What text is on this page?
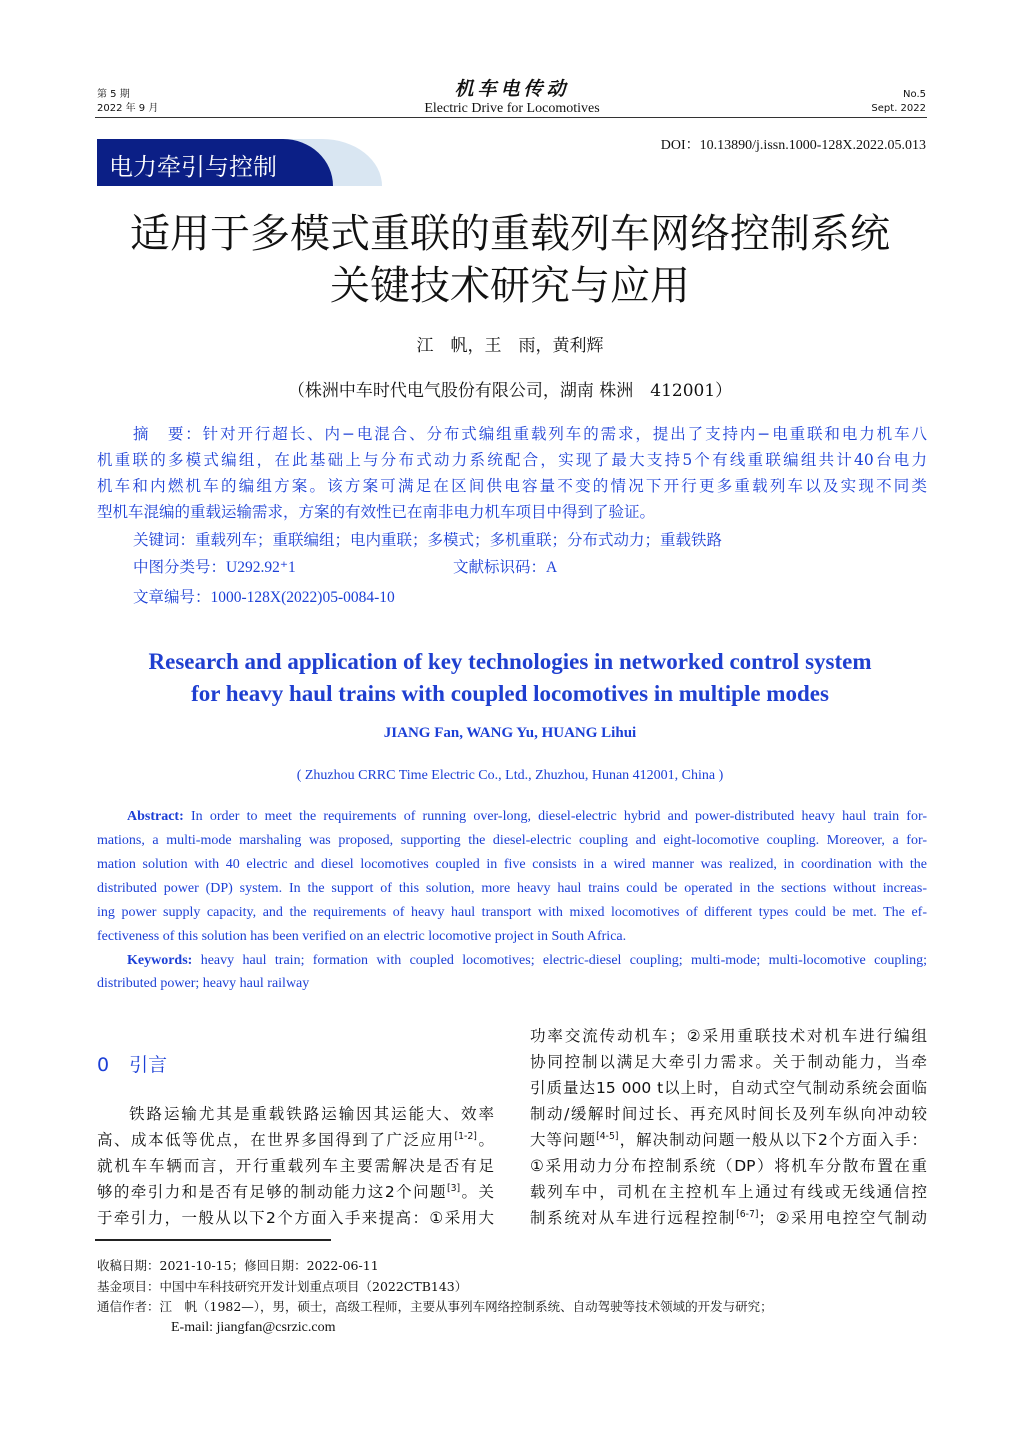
第 5 期
2022 年 9 月
机车电传动
Electric Drive for Locomotives
No.5
Sept. 2022
DOI：10.13890/j.issn.1000-128X.2022.05.013
电力牵引与控制
适用于多模式重联的重载列车网络控制系统
关键技术研究与应用
江　帆，王　雨，黄利辉
（株洲中车时代电气股份有限公司，湖南 株洲　412001）
摘　要：针对开行超长、内−电混合、分布式编组重载列车的需求，提出了支持内−电重联和电力机车八
机重联的多模式编组，在此基础上与分布式动力系统配合，实现了最大支持5个有线重联编组共计40台电力
机车和内燃机车的编组方案。该方案可满足在区间供电容量不变的情况下开行更多重载列车以及实现不同类
型机车混编的重载运输需求，方案的有效性已在南非电力机车项目中得到了验证。
关键词：重载列车；重联编组；电内重联；多模式；多机重联；分布式动力；重载铁路
中图分类号：U292.92⁺1	文献标识码：A
文章编号：1000-128X(2022)05-0084-10
Research and application of key technologies in networked control system
for heavy haul trains with coupled locomotives in multiple modes
JIANG Fan, WANG Yu, HUANG Lihui
( Zhuzhou CRRC Time Electric Co., Ltd., Zhuzhou, Hunan 412001, China )
Abstract: In order to meet the requirements of running over-long, diesel-electric hybrid and power-distributed heavy haul train for-
mations, a multi-mode marshaling was proposed, supporting the diesel-electric coupling and eight-locomotive coupling. Moreover, a for-
mation solution with 40 electric and diesel locomotives coupled in five consists in a wired manner was realized, in coordination with the
distributed power (DP) system. In the support of this solution, more heavy haul trains could be operated in the sections without increas-
ing power supply capacity, and the requirements of heavy haul transport with mixed locomotives of different types could be met. The ef-
fectiveness of this solution has been verified on an electric locomotive project in South Africa.
Keywords: heavy haul train; formation with coupled locomotives; electric-diesel coupling; multi-mode; multi-locomotive coupling;
distributed power; heavy haul railway
0 引言
铁路运输尤其是重载铁路运输因其运能大、效率
高、成本低等优点，在世界多国得到了广泛应用[1-2]。
就机车车辆而言，开行重载列车主要需解决是否有足
够的牵引力和是否有足够的制动能力这2个问题[3]。关
于牵引力，一般从以下2个方面入手来提高：①采用大
功率交流传动机车；②采用重联技术对机车进行编组
协同控制以满足大牵引力需求。关于制动能力，当牵
引质量达15 000 t以上时，自动式空气制动系统会面临
制动/缓解时间过长、再充风时间长及列车纵向冲动较
大等问题[4-5]，解决制动问题一般从以下2个方面入手：
①采用动力分布控制系统（DP）将机车分散布置在重
载列车中，司机在主控机车上通过有线或无线通信控
制系统对从车进行远程控制[6-7]；②采用电控空气制动
收稿日期：2021-10-15；修回日期：2022-06-11
基金项目：中国中车科技研究开发计划重点项目（2022CTB143）
通信作者：江　帆（1982—），男，硕士，高级工程师，主要从事列车网络控制系统、自动驾驶等技术领域的开发与研究；
E-mail: jiangfan@csrzic.com
